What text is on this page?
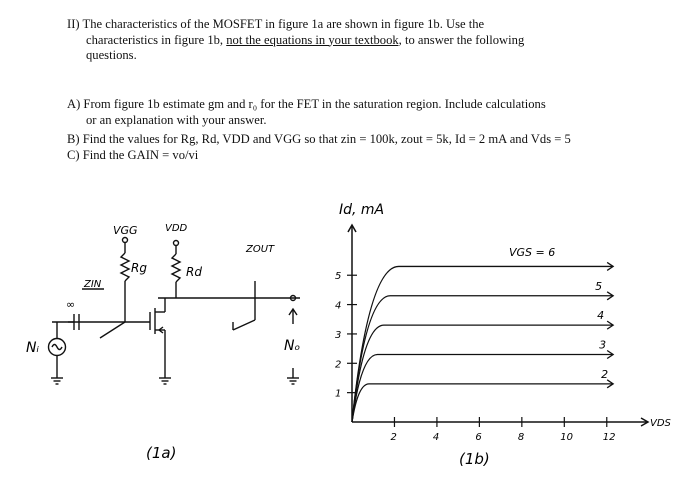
II) The characteristics of the MOSFET in figure 1a are shown in figure 1b. Use the
characteristics in figure 1b, not the equations in your textbook, to answer the following
questions.
A) From figure 1b estimate gm and r₀ for the FET in the saturation region. Include calculations
or an explanation with your answer.
B) Find the values for Rg, Rd, VDD and VGG so that zin = 100k, zout = 5k, Id = 2 mA and Vds = 5
C) Find the GAIN = vo/vi
VGG	VDD
Rg	Rd
ZOUT
ZIN
∞
Nᵢ	Nₒ
(1a)
5
4
3
2
2	4	6	8	10	12
1
2
3
4
5
Id, mA
VDS
VGS = 6
(1b)
